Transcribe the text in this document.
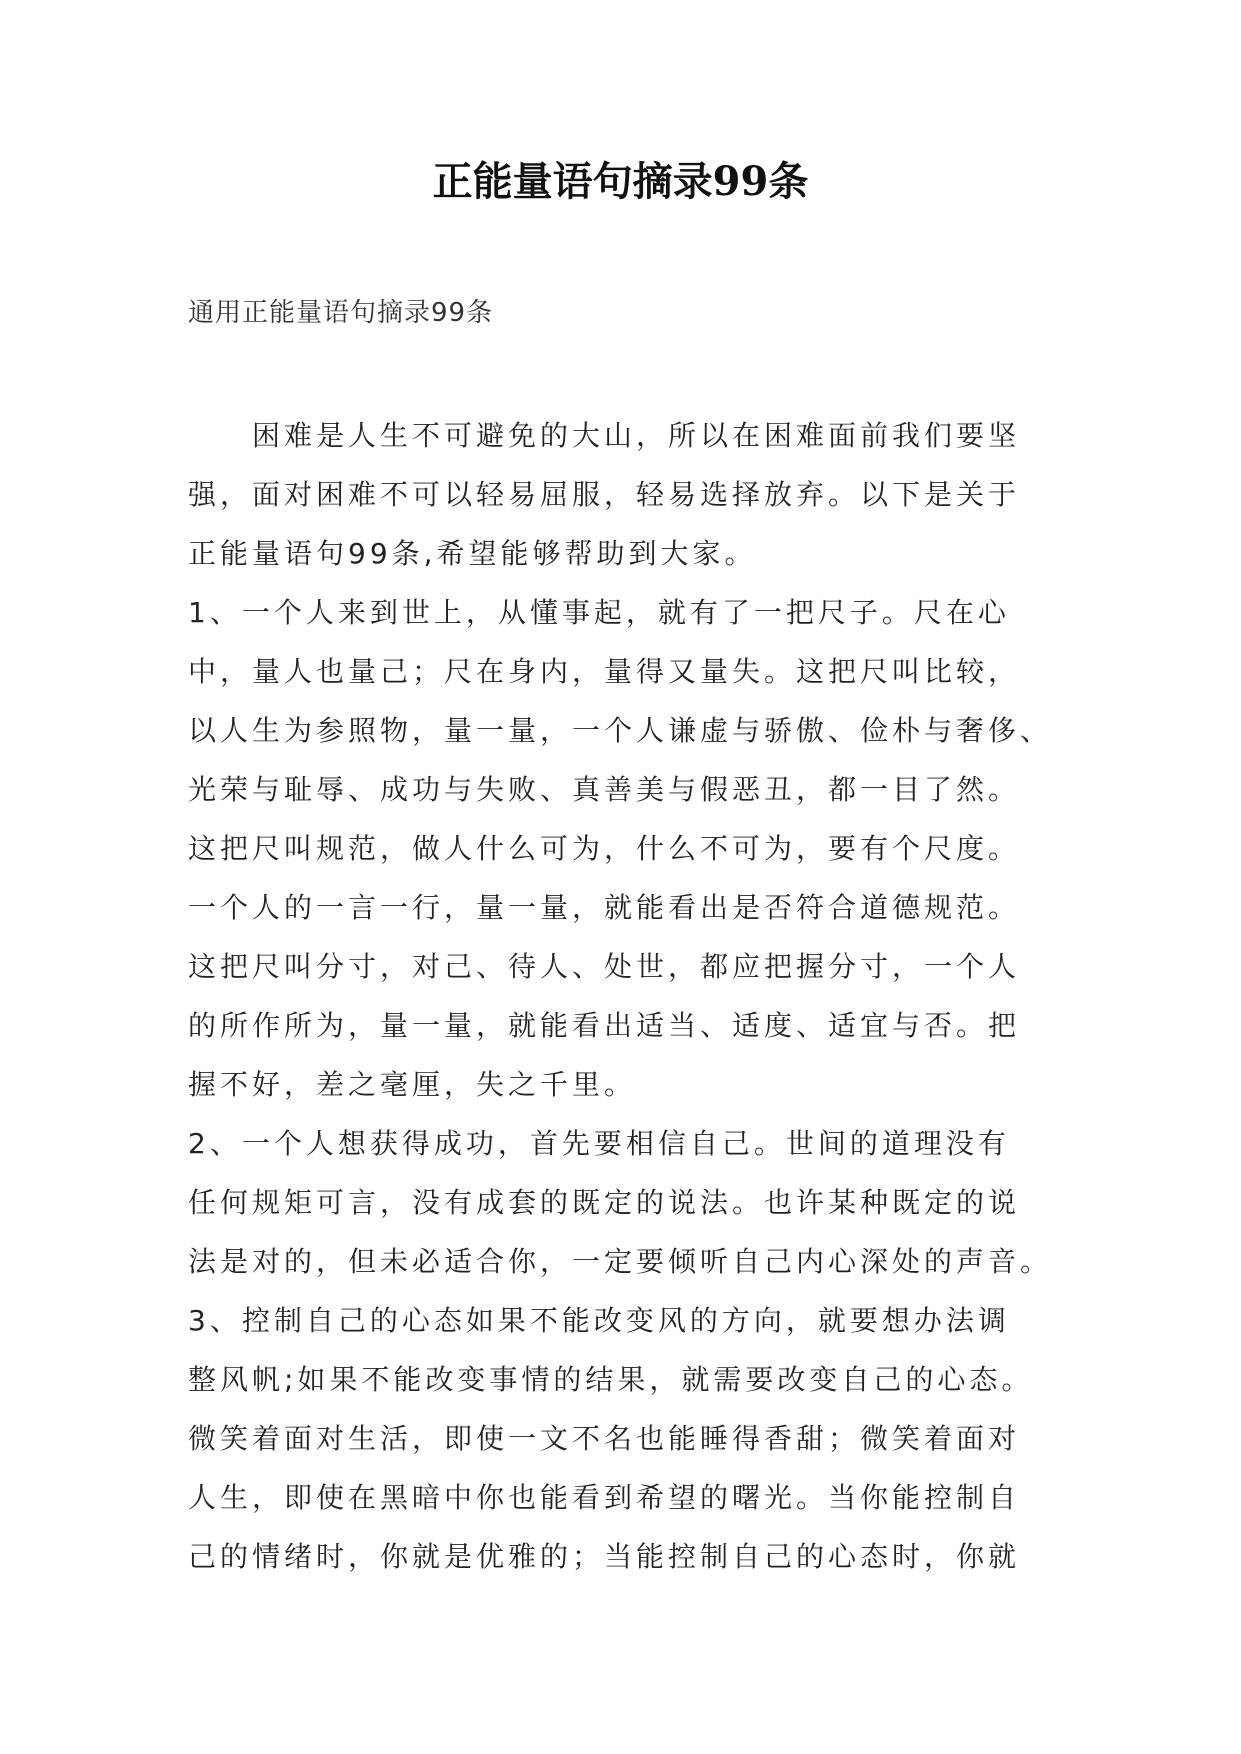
正能量语句摘录99条

通用正能量语句摘录99条

困难是人生不可避免的大山，所以在困难面前我们要坚
强，面对困难不可以轻易屈服，轻易选择放弃。以下是关于
正能量语句99条,希望能够帮助到大家。
1、一个人来到世上，从懂事起，就有了一把尺子。尺在心
中，量人也量己；尺在身内，量得又量失。这把尺叫比较，
以人生为参照物，量一量，一个人谦虚与骄傲、俭朴与奢侈、
光荣与耻辱、成功与失败、真善美与假恶丑，都一目了然。
这把尺叫规范，做人什么可为，什么不可为，要有个尺度。
一个人的一言一行，量一量，就能看出是否符合道德规范。
这把尺叫分寸，对己、待人、处世，都应把握分寸，一个人
的所作所为，量一量，就能看出适当、适度、适宜与否。把
握不好，差之毫厘，失之千里。
2、一个人想获得成功，首先要相信自己。世间的道理没有
任何规矩可言，没有成套的既定的说法。也许某种既定的说
法是对的，但未必适合你，一定要倾听自己内心深处的声音。
3、控制自己的心态如果不能改变风的方向，就要想办法调
整风帆;如果不能改变事情的结果，就需要改变自己的心态。
微笑着面对生活，即使一文不名也能睡得香甜；微笑着面对
人生，即使在黑暗中你也能看到希望的曙光。当你能控制自
己的情绪时，你就是优雅的；当能控制自己的心态时，你就
